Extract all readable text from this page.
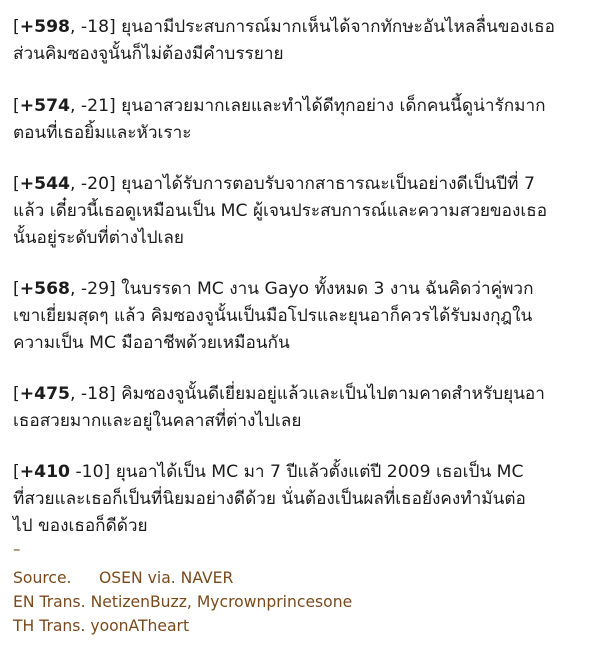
[+598, -18] ยุนอามีประสบการณ์มากเห็นได้จากทักษะอันไหลลื่นของเธอ
ส่วนคิมซองจูนั้นก็ไม่ต้องมีคำบรรยาย

[+574, -21] ยุนอาสวยมากเลยและทำได้ดีทุกอย่าง เด็กคนนี้ดูน่ารักมาก
ตอนที่เธอยิ้มและหัวเราะ

[+544, -20] ยุนอาได้รับการตอบรับจากสาธารณะเป็นอย่างดีเป็นปีที่ 7
แล้ว เดี๋ยวนี้เธอดูเหมือนเป็น MC ผู้เจนประสบการณ์และความสวยของเธอ
นั้นอยู่ระดับที่ต่างไปเลย

[+568, -29] ในบรรดา MC งาน Gayo ทั้งหมด 3 งาน ฉันคิดว่าคู่พวก
เขาเยี่ยมสุดๆ แล้ว คิมซองจูนั้นเป็นมือโปรและยุนอาก็ควรได้รับมงกุฎใน
ความเป็น MC มืออาชีพด้วยเหมือนกัน

[+475, -18] คิมซองจูนั้นดีเยี่ยมอยู่แล้วและเป็นไปตามคาดสำหรับยุนอา
เธอสวยมากและอยู่ในคลาสที่ต่างไปเลย

[+410 -10] ยุนอาได้เป็น MC มา 7 ปีแล้วตั้งแต่ปี 2009 เธอเป็น MC
ที่สวยและเธอก็เป็นที่นิยมอย่างดีด้วย นั่นต้องเป็นผลที่เธอยังคงทำมันต่อ
ไป ของเธอก็ดีด้วย

–
Source. OSEN via. NAVER
EN Trans. NetizenBuzz, Mycrownprincesone
TH Trans. yoonATheart
